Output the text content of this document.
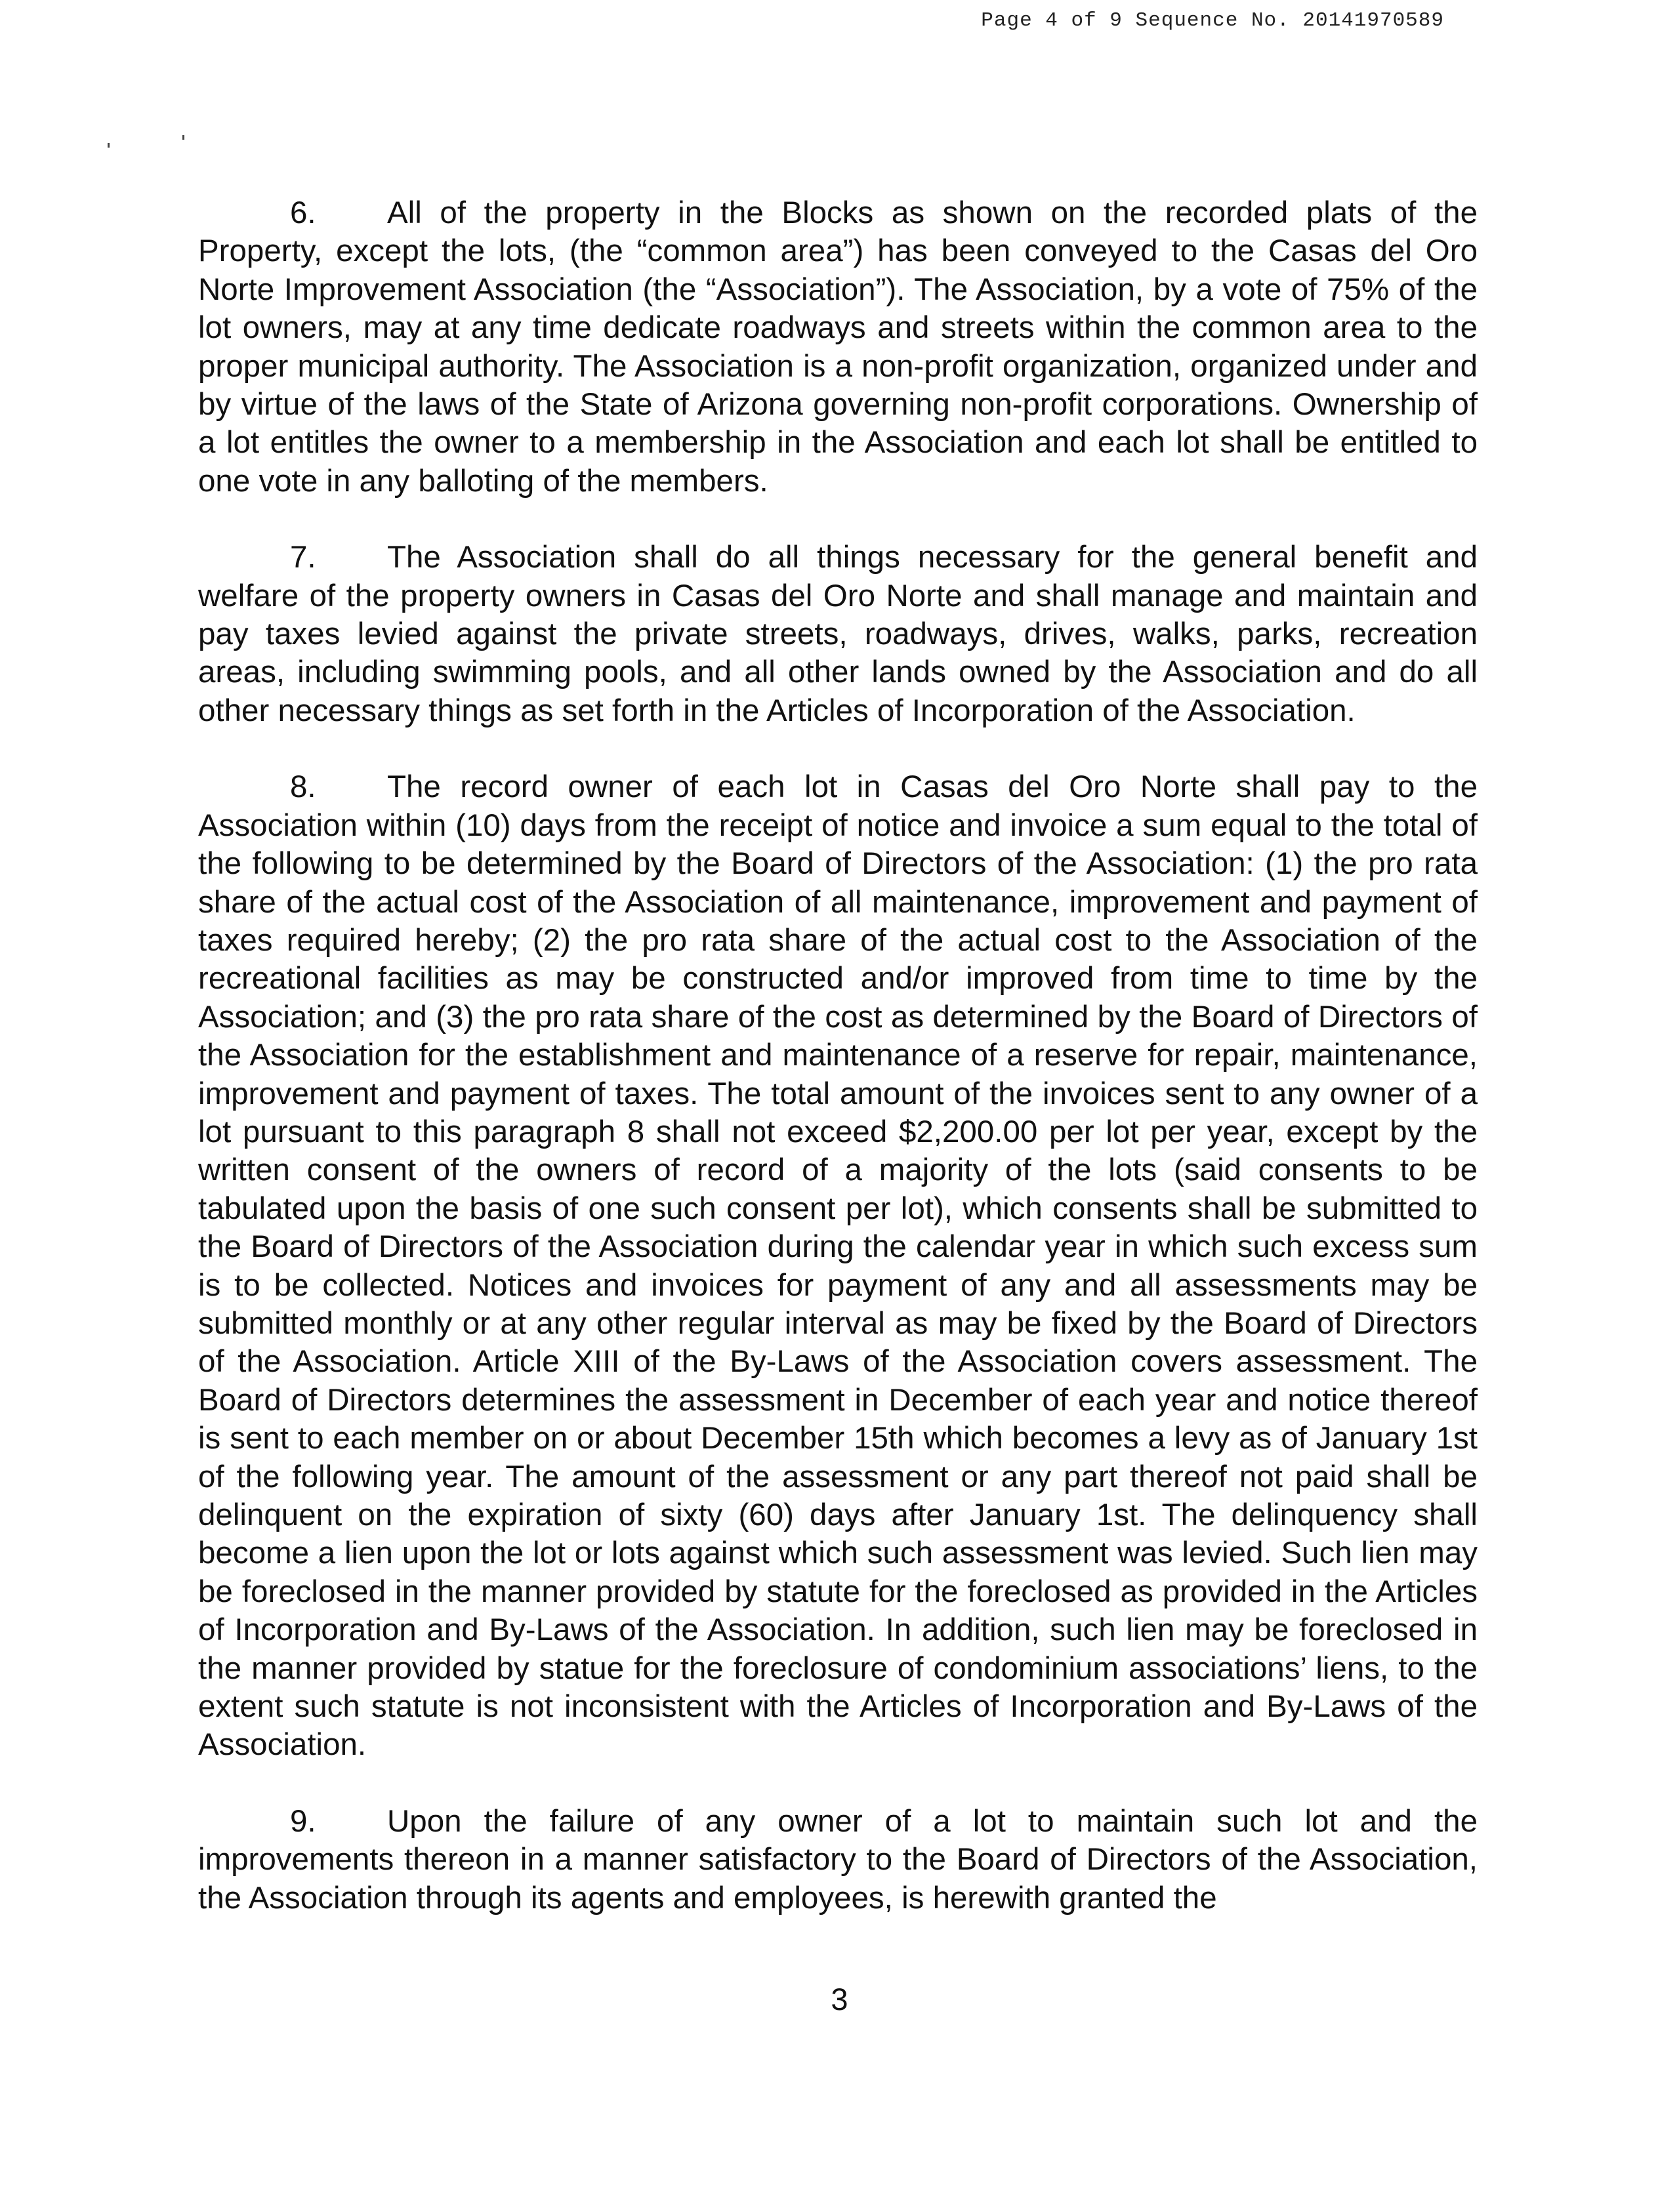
Page 4 of 9 Sequence No. 20141970589

6. All of the property in the Blocks as shown on the recorded plats of the Property, except the lots, (the “common area”) has been conveyed to the Casas del Oro Norte Improvement Association (the “Association”). The Association, by a vote of 75% of the lot owners, may at any time dedicate roadways and streets within the common area to the proper municipal authority. The Association is a non-profit organization, organized under and by virtue of the laws of the State of Arizona governing non-profit corporations. Ownership of a lot entitles the owner to a membership in the Association and each lot shall be entitled to one vote in any balloting of the members.

7. The Association shall do all things necessary for the general benefit and welfare of the property owners in Casas del Oro Norte and shall manage and maintain and pay taxes levied against the private streets, roadways, drives, walks, parks, recreation areas, including swimming pools, and all other lands owned by the Association and do all other necessary things as set forth in the Articles of Incorporation of the Association.

8. The record owner of each lot in Casas del Oro Norte shall pay to the Association within (10) days from the receipt of notice and invoice a sum equal to the total of the following to be determined by the Board of Directors of the Association: (1) the pro rata share of the actual cost of the Association of all maintenance, improvement and payment of taxes required hereby; (2) the pro rata share of the actual cost to the Association of the recreational facilities as may be constructed and/or improved from time to time by the Association; and (3) the pro rata share of the cost as determined by the Board of Directors of the Association for the establishment and maintenance of a reserve for repair, maintenance, improvement and payment of taxes. The total amount of the invoices sent to any owner of a lot pursuant to this paragraph 8 shall not exceed $2,200.00 per lot per year, except by the written consent of the owners of record of a majority of the lots (said consents to be tabulated upon the basis of one such consent per lot), which consents shall be submitted to the Board of Directors of the Association during the calendar year in which such excess sum is to be collected. Notices and invoices for payment of any and all assessments may be submitted monthly or at any other regular interval as may be fixed by the Board of Directors of the Association. Article XIII of the By-Laws of the Association covers assessment. The Board of Directors determines the assessment in December of each year and notice thereof is sent to each member on or about December 15th which becomes a levy as of January 1st of the following year. The amount of the assessment or any part thereof not paid shall be delinquent on the expiration of sixty (60) days after January 1st. The delinquency shall become a lien upon the lot or lots against which such assessment was levied. Such lien may be foreclosed in the manner provided by statute for the foreclosed as provided in the Articles of Incorporation and By-Laws of the Association. In addition, such lien may be foreclosed in the manner provided by statue for the foreclosure of condominium associations’ liens, to the extent such statute is not inconsistent with the Articles of Incorporation and By-Laws of the Association.

9. Upon the failure of any owner of a lot to maintain such lot and the improvements thereon in a manner satisfactory to the Board of Directors of the Association, the Association through its agents and employees, is herewith granted the

3
